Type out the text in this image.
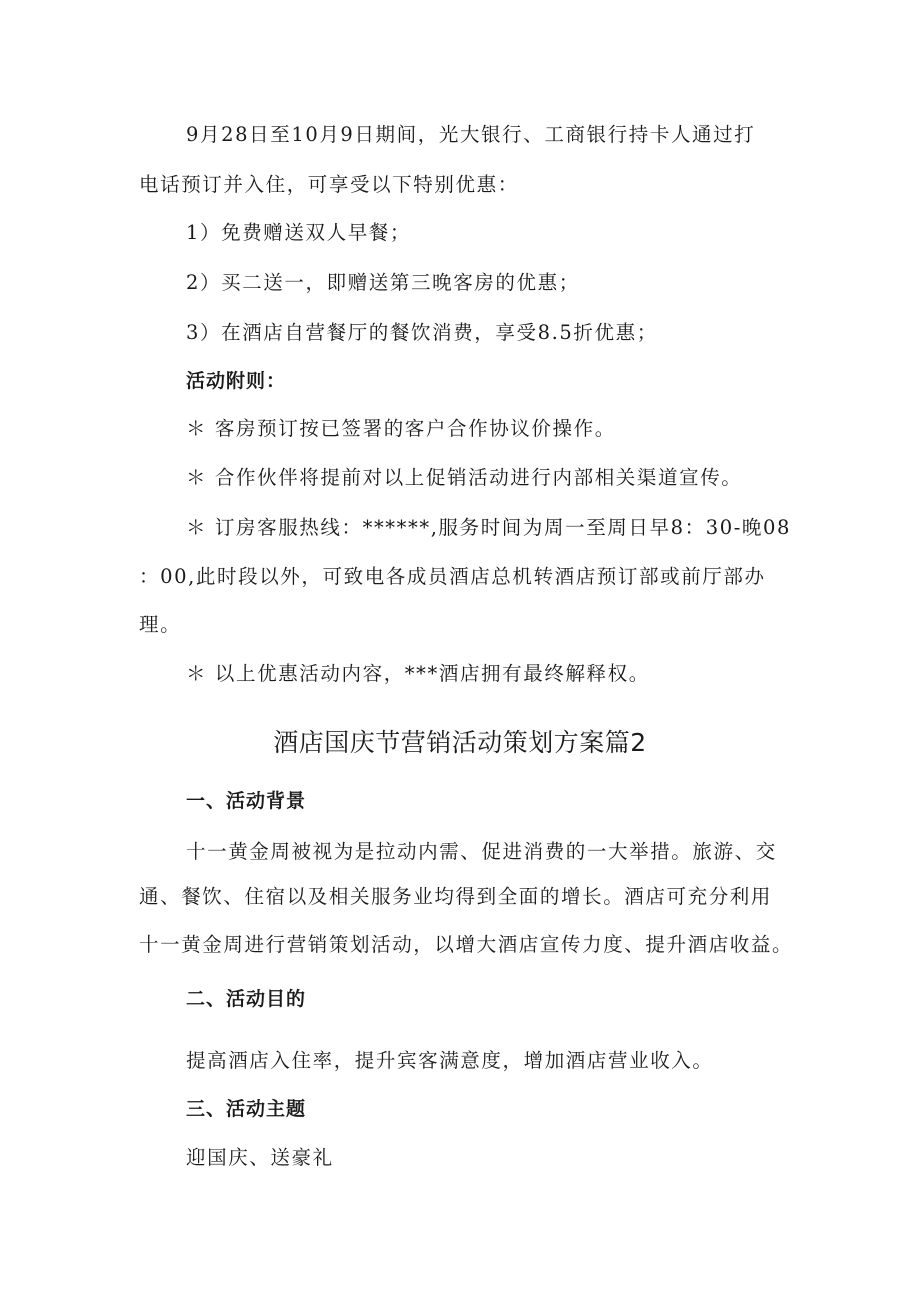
9月28日至10月9日期间，光大银行、工商银行持卡人通过打
电话预订并入住，可享受以下特别优惠：
1）免费赠送双人早餐；
2）买二送一，即赠送第三晚客房的优惠；
3）在酒店自营餐厅的餐饮消费，享受8.5折优惠；
活动附则：
＊ 客房预订按已签署的客户合作协议价操作。
＊ 合作伙伴将提前对以上促销活动进行内部相关渠道宣传。
＊ 订房客服热线：******,服务时间为周一至周日早8：30-晚08
：00,此时段以外，可致电各成员酒店总机转酒店预订部或前厅部办
理。
＊ 以上优惠活动内容，***酒店拥有最终解释权。
酒店国庆节营销活动策划方案篇2
一、活动背景
十一黄金周被视为是拉动内需、促进消费的一大举措。旅游、交
通、餐饮、住宿以及相关服务业均得到全面的增长。酒店可充分利用
十一黄金周进行营销策划活动，以增大酒店宣传力度、提升酒店收益。
二、活动目的
提高酒店入住率，提升宾客满意度，增加酒店营业收入。
三、活动主题
迎国庆、送豪礼
